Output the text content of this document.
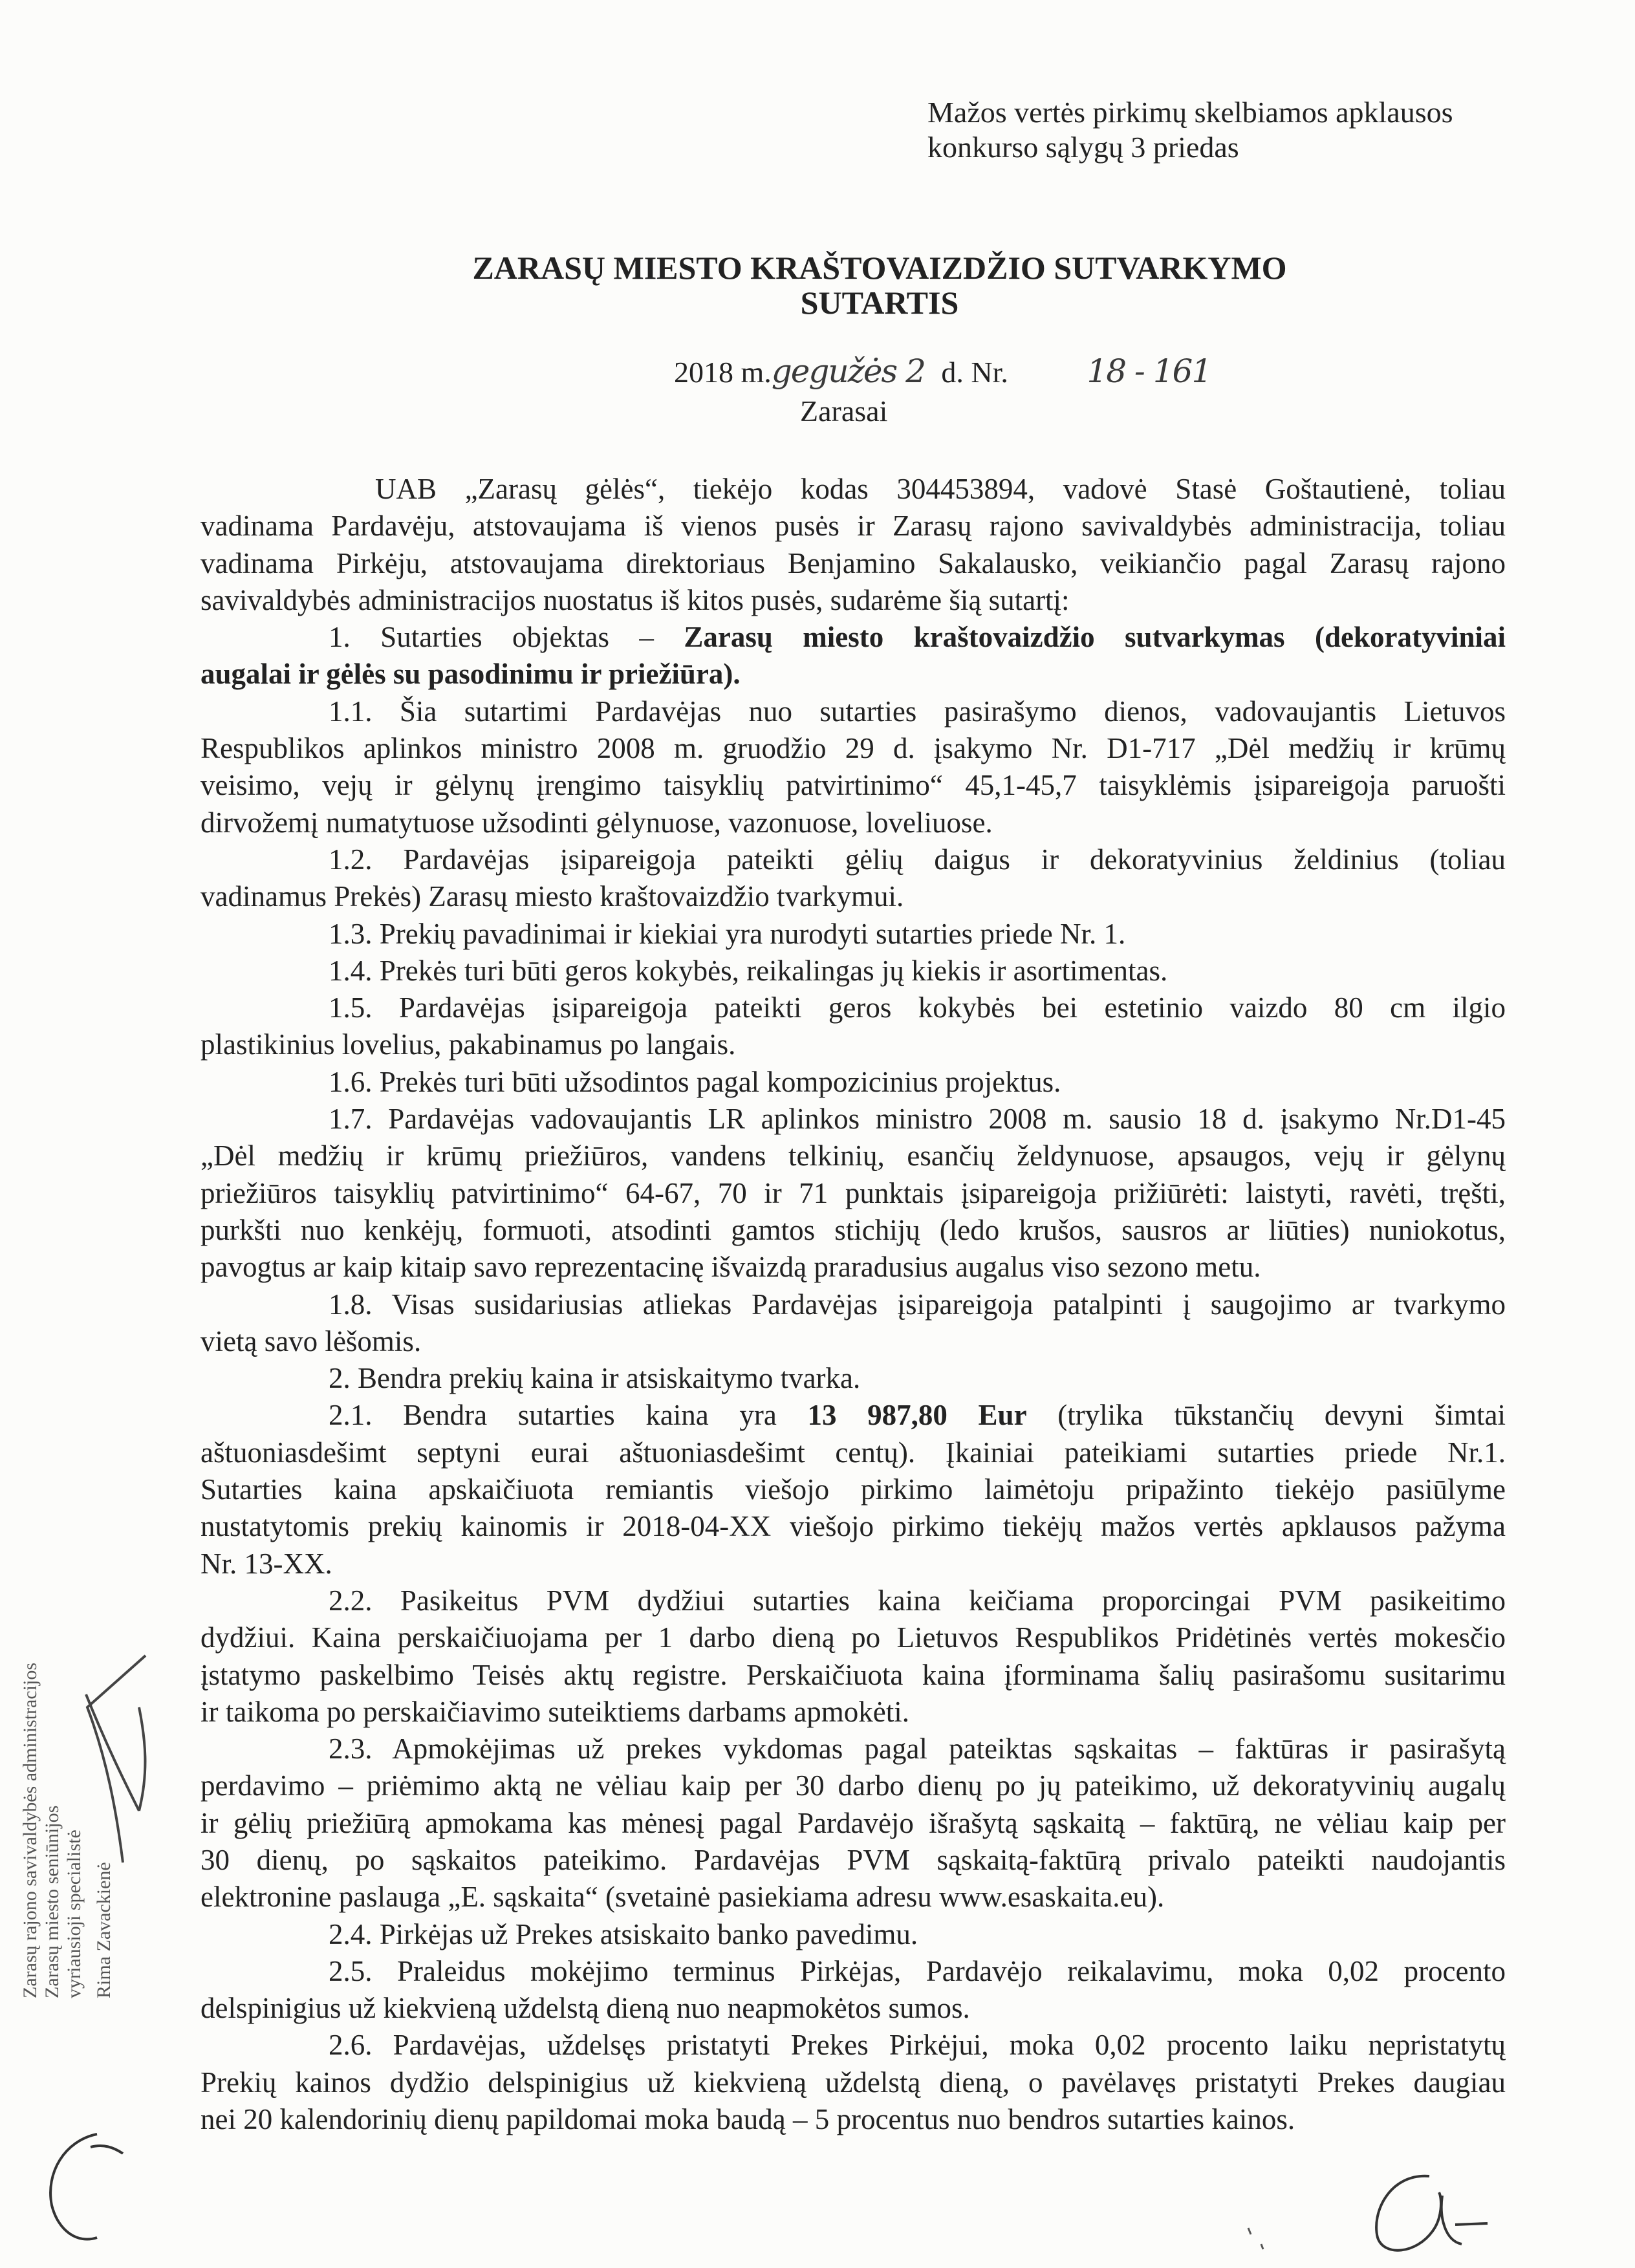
Mažos vertės pirkimų skelbiamos apklausos
konkurso sąlygų 3 priedas
ZARASŲ MIESTO KRAŠTOVAIZDŽIO SUTVARKYMO
SUTARTIS
2018 m.gegužės 2 d. Nr. 18 - 161
Zarasai
UAB „Zarasų gėlės“, tiekėjo kodas 304453894, vadovė Stasė Goštautienė, toliau
vadinama Pardavėju, atstovaujama iš vienos pusės ir Zarasų rajono savivaldybės administracija, toliau
vadinama Pirkėju, atstovaujama direktoriaus Benjamino Sakalausko, veikiančio pagal Zarasų rajono
savivaldybės administracijos nuostatus iš kitos pusės, sudarėme šią sutartį:
1. Sutarties objektas – Zarasų miesto kraštovaizdžio sutvarkymas (dekoratyviniai
augalai ir gėlės su pasodinimu ir priežiūra).
1.1. Šia sutartimi Pardavėjas nuo sutarties pasirašymo dienos, vadovaujantis Lietuvos
Respublikos aplinkos ministro 2008 m. gruodžio 29 d. įsakymo Nr. D1-717 „Dėl medžių ir krūmų
veisimo, vejų ir gėlynų įrengimo taisyklių patvirtinimo“ 45,1-45,7 taisyklėmis įsipareigoja paruošti
dirvožemį numatytuose užsodinti gėlynuose, vazonuose, loveliuose.
1.2. Pardavėjas įsipareigoja pateikti gėlių daigus ir dekoratyvinius želdinius (toliau
vadinamus Prekės) Zarasų miesto kraštovaizdžio tvarkymui.
1.3. Prekių pavadinimai ir kiekiai yra nurodyti sutarties priede Nr. 1.
1.4. Prekės turi būti geros kokybės, reikalingas jų kiekis ir asortimentas.
1.5. Pardavėjas įsipareigoja pateikti geros kokybės bei estetinio vaizdo 80 cm ilgio
plastikinius lovelius, pakabinamus po langais.
1.6. Prekės turi būti užsodintos pagal kompozicinius projektus.
1.7. Pardavėjas vadovaujantis LR aplinkos ministro 2008 m. sausio 18 d. įsakymo Nr.D1-45
„Dėl medžių ir krūmų priežiūros, vandens telkinių, esančių želdynuose, apsaugos, vejų ir gėlynų
priežiūros taisyklių patvirtinimo“ 64-67, 70 ir 71 punktais įsipareigoja prižiūrėti: laistyti, ravėti, tręšti,
purkšti nuo kenkėjų, formuoti, atsodinti gamtos stichijų (ledo krušos, sausros ar liūties) nuniokotus,
pavogtus ar kaip kitaip savo reprezentacinę išvaizdą praradusius augalus viso sezono metu.
1.8. Visas susidariusias atliekas Pardavėjas įsipareigoja patalpinti į saugojimo ar tvarkymo
vietą savo lėšomis.
2. Bendra prekių kaina ir atsiskaitymo tvarka.
2.1. Bendra sutarties kaina yra 13 987,80 Eur (trylika tūkstančių devyni šimtai
aštuoniasdešimt septyni eurai aštuoniasdešimt centų). Įkainiai pateikiami sutarties priede Nr.1.
Sutarties kaina apskaičiuota remiantis viešojo pirkimo laimėtoju pripažinto tiekėjo pasiūlyme
nustatytomis prekių kainomis ir 2018-04-XX viešojo pirkimo tiekėjų mažos vertės apklausos pažyma
Nr. 13-XX.
2.2. Pasikeitus PVM dydžiui sutarties kaina keičiama proporcingai PVM pasikeitimo
dydžiui. Kaina perskaičiuojama per 1 darbo dieną po Lietuvos Respublikos Pridėtinės vertės mokesčio
įstatymo paskelbimo Teisės aktų registre. Perskaičiuota kaina įforminama šalių pasirašomu susitarimu
ir taikoma po perskaičiavimo suteiktiems darbams apmokėti.
2.3. Apmokėjimas už prekes vykdomas pagal pateiktas sąskaitas – faktūras ir pasirašytą
perdavimo – priėmimo aktą ne vėliau kaip per 30 darbo dienų po jų pateikimo, už dekoratyvinių augalų
ir gėlių priežiūrą apmokama kas mėnesį pagal Pardavėjo išrašytą sąskaitą – faktūrą, ne vėliau kaip per
30 dienų, po sąskaitos pateikimo. Pardavėjas PVM sąskaitą-faktūrą privalo pateikti naudojantis
elektronine paslauga „E. sąskaita“ (svetainė pasiekiama adresu www.esaskaita.eu).
2.4. Pirkėjas už Prekes atsiskaito banko pavedimu.
2.5. Praleidus mokėjimo terminus Pirkėjas, Pardavėjo reikalavimu, moka 0,02 procento
delspinigius už kiekvieną uždelstą dieną nuo neapmokėtos sumos.
2.6. Pardavėjas, uždelsęs pristatyti Prekes Pirkėjui, moka 0,02 procento laiku nepristatytų
Prekių kainos dydžio delspinigius už kiekvieną uždelstą dieną, o pavėlavęs pristatyti Prekes daugiau
nei 20 kalendorinių dienų papildomai moka baudą – 5 procentus nuo bendros sutarties kainos.
Zarasų rajono savivaldybės administracijos Zarasų miesto seniūnijos vyriausioji specialistė Rima Zavackienė
